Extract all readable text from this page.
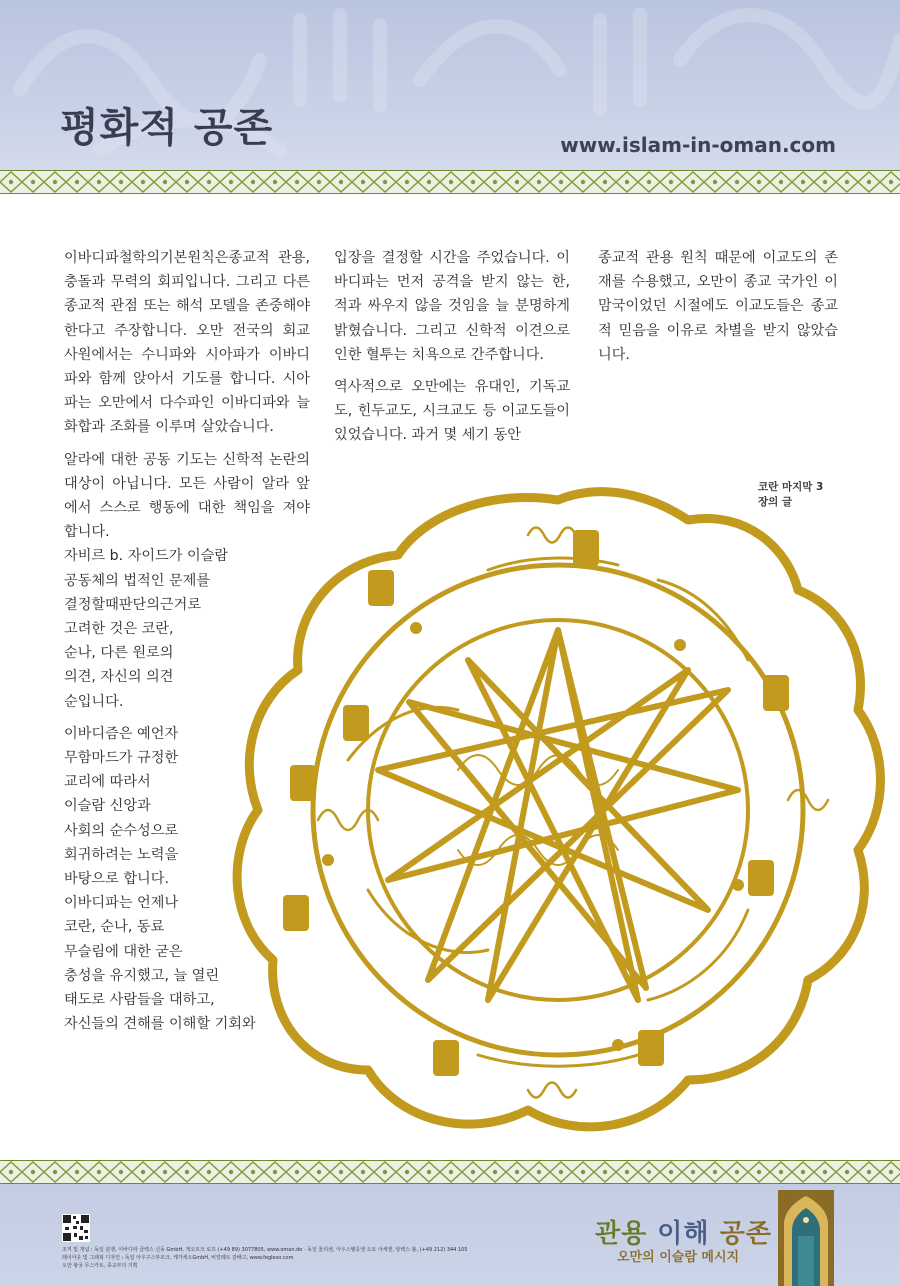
평화적 공존	www.islam-in-oman.com

이바디파철학의기본원칙은종교적 관용, 충돌과 무력의 회피입니다. 그리고 다른 종교적 관점 또는 해석 모델을 존중해야 한다고 주장합니다. 오만 전국의 회교 사원에서는 수니파와 시아파가 이바디파와 함께 앉아서 기도를 합니다. 시아파는 오만에서 다수파인 이바디파와 늘 화합과 조화를 이루며 살았습니다.

알라에 대한 공동 기도는 신학적 논란의 대상이 아닙니다. 모든 사람이 알라 앞에서 스스로 행동에 대한 책임을 져야 합니다.

자비르 b. 자이드가 이슬람
공동체의 법적인 문제를
결정할때판단의근거로
고려한 것은 코란,
순나, 다른 원로의
의견, 자신의 의견
순입니다.

이바디즘은 예언자
무함마드가 규정한
교리에 따라서
이슬람 신앙과
사회의 순수성으로
회귀하려는 노력을
바탕으로 합니다.
이바디파는 언제나
코란, 순나, 동료
무슬림에 대한 굳은
충성을 유지했고, 늘 열린
태도로 사람들을 대하고,
자신들의 견해를 이해할 기회와

입장을 결정할 시간을 주었습니다. 이바디파는 먼저 공격을 받지 않는 한, 적과 싸우지 않을 것임을 늘 분명하게 밝혔습니다. 그리고 신학적 이견으로 인한 혈투는 치욕으로 간주합니다.

역사적으로 오만에는 유대인, 기독교도, 힌두교도, 시크교도 등 이교도들이 있었습니다. 과거 몇 세기 동안

종교적 관용 원칙 때문에 이교도의 존재를 수용했고, 오만이 종교 국가인 이맘국이었던 시절에도 이교도들은 종교적 믿음을 이유로 차별을 받지 않았습니다.

코란 마지막 3
장의 글
조직 및 개념 : 독일 분쟁, 이바디파 클렉스 신동 GmbH, 게오르크 로프 (+49 89) 3077805, www.oman.de · 독일 울리센, 아우스텔룽엔 오토 아세엔, 알렉스 불, (+49 212) 344 105
레이아웃 및 그래픽 디자인 : 독일 아우구스부르크, 케가세오GmbH, 비얼레트 갈배고, www.fegleso.com
오만 왕국 무스카트, 종교부의 기획
관용 이해 공존
오만의 이슬람 메시지
